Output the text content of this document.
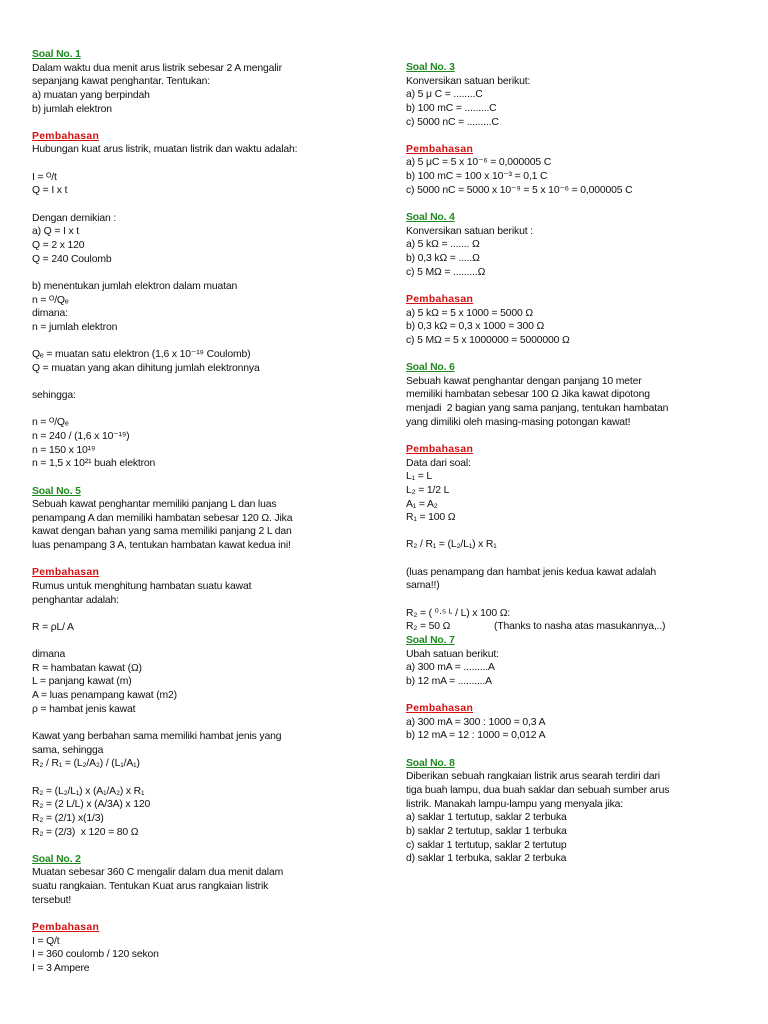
Soal No. 1
Dalam waktu dua menit arus listrik sebesar 2 A mengalir
sepanjang kawat penghantar. Tentukan:
a) muatan yang berpindah
b) jumlah elektron
Pembahasan
Hubungan kuat arus listrik, muatan listrik dan waktu adalah:
I = ᴼ/t
Q = I x t
Dengan demikian :
a) Q = I x t
Q = 2 x 120
Q = 240 Coulomb
b) menentukan jumlah elektron dalam muatan
n = ᴼ/Qₑ
dimana:
n = jumlah elektron
Qₑ = muatan satu elektron (1,6 x 10⁻¹⁹ Coulomb)
Q = muatan yang akan dihitung jumlah elektronnya
sehingga:
n = ᴼ/Qₑ
n = 240 / (1,6 x 10⁻¹⁹)
n = 150 x 10¹⁹
n = 1,5 x 10²¹ buah elektron
Soal No. 5
Sebuah kawat penghantar memiliki panjang L dan luas
penampang A dan memiliki hambatan sebesar 120 Ω. Jika
kawat dengan bahan yang sama memiliki panjang 2 L dan
luas penampang 3 A, tentukan hambatan kawat kedua ini!
Pembahasan
Rumus untuk menghitung hambatan suatu kawat
penghantar adalah:
R = ρL/ A
dimana
R = hambatan kawat (Ω)
L = panjang kawat (m)
A = luas penampang kawat (m2)
ρ = hambat jenis kawat
Kawat yang berbahan sama memiliki hambat jenis yang
sama, sehingga
R₂ / R₁ = (L₂/A₂) / (L₁/A₁)
R₂ = (L₂/L₁) x (A₁/A₂) x R₁
R₂ = (2 L/L) x (A/3A) x 120
R₂ = (2/1) x(1/3)
R₂ = (2/3)  x 120 = 80 Ω
Soal No. 2
Muatan sebesar 360 C mengalir dalam dua menit dalam
suatu rangkaian. Tentukan Kuat arus rangkaian listrik
tersebut!
Pembahasan
I = Q/t
I = 360 coulomb / 120 sekon
I = 3 Ampere
Soal No. 3
Konversikan satuan berikut:
a) 5 μ C = ........C
b) 100 mC = .........C
c) 5000 nC = .........C
Pembahasan
a) 5 μC = 5 x 10⁻⁶ = 0,000005 C
b) 100 mC = 100 x 10⁻³ = 0,1 C
c) 5000 nC = 5000 x 10⁻⁹ = 5 x 10⁻⁶ = 0,000005 C
Soal No. 4
Konversikan satuan berikut :
a) 5 kΩ = ....... Ω
b) 0,3 kΩ = .....Ω
c) 5 MΩ = .........Ω
Pembahasan
a) 5 kΩ = 5 x 1000 = 5000 Ω
b) 0,3 kΩ = 0,3 x 1000 = 300 Ω
c) 5 MΩ = 5 x 1000000 = 5000000 Ω
Soal No. 6
Sebuah kawat penghantar dengan panjang 10 meter
memiliki hambatan sebesar 100 Ω Jika kawat dipotong
menjadi  2 bagian yang sama panjang, tentukan hambatan
yang dimiliki oleh masing-masing potongan kawat!
Pembahasan
Data dari soal:
L₁ = L
L₂ = 1/2 L
A₁ = A₂
R₁ = 100 Ω
R₂ / R₁ = (L₂/L₁) x R₁
(luas penampang dan hambat jenis kedua kawat adalah
sama!!)
R₂ = ( ⁰·⁵ ᴸ / L) x 100 Ω:
R₂ = 50 Ω                (Thanks to nasha atas masukannya,..)
Soal No. 7
Ubah satuan berikut:
a) 300 mA = .........A
b) 12 mA = ..........A
Pembahasan
a) 300 mA = 300 : 1000 = 0,3 A
b) 12 mA = 12 : 1000 = 0,012 A
Soal No. 8
Diberikan sebuah rangkaian listrik arus searah terdiri dari
tiga buah lampu, dua buah saklar dan sebuah sumber arus
listrik. Manakah lampu-lampu yang menyala jika:
a) saklar 1 tertutup, saklar 2 terbuka
b) saklar 2 tertutup, saklar 1 terbuka
c) saklar 1 tertutup, saklar 2 tertutup
d) saklar 1 terbuka, saklar 2 terbuka
